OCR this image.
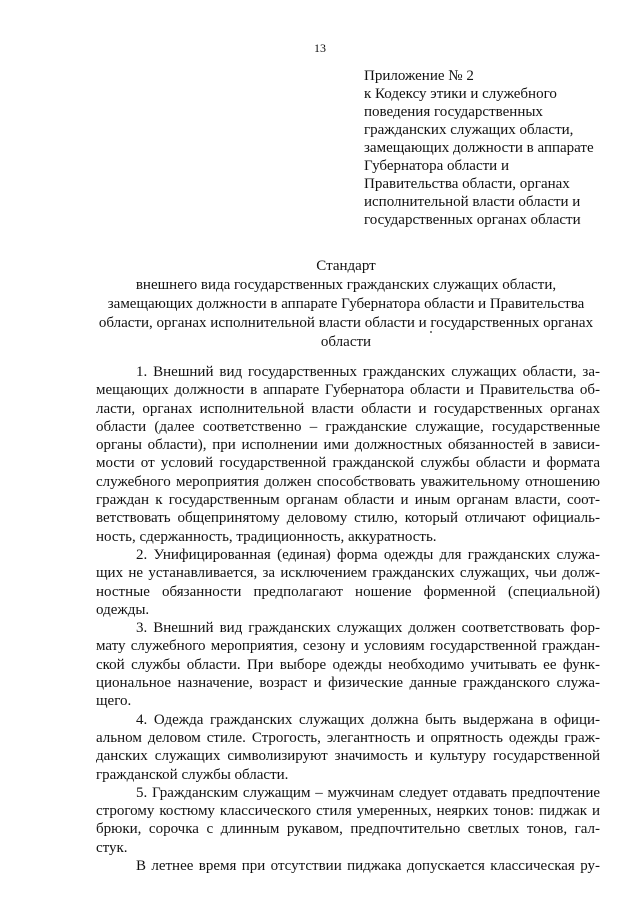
13
Приложение № 2
к Кодексу этики и служебного
поведения государственных
гражданских служащих области,
замещающих должности в аппарате
Губернатора области и
Правительства области, органах
исполнительной власти области и
государственных органах области
Стандарт
внешнего вида государственных гражданских служащих области,
замещающих должности в аппарате Губернатора области и Правительства
области, органах исполнительной власти области и государственных органах
области
1. Внешний вид государственных гражданских служащих области, за-
мещающих должности в аппарате Губернатора области и Правительства об-
ласти, органах исполнительной власти области и государственных органах
области (далее соответственно – гражданские служащие, государственные
органы области), при исполнении ими должностных обязанностей в зависи-
мости от условий государственной гражданской службы области и формата
служебного мероприятия должен способствовать уважительному отношению
граждан к государственным органам области и иным органам власти, соот-
ветствовать общепринятому деловому стилю, который отличают официаль-
ность, сдержанность, традиционность, аккуратность.
2. Унифицированная (единая) форма одежды для гражданских служа-
щих не устанавливается, за исключением гражданских служащих, чьи долж-
ностные обязанности предполагают ношение форменной (специальной)
одежды.
3. Внешний вид гражданских служащих должен соответствовать фор-
мату служебного мероприятия, сезону и условиям государственной граждан-
ской службы области. При выборе одежды необходимо учитывать ее функ-
циональное назначение, возраст и физические данные гражданского служа-
щего.
4. Одежда гражданских служащих должна быть выдержана в офици-
альном деловом стиле. Строгость, элегантность и опрятность одежды граж-
данских служащих символизируют значимость и культуру государственной
гражданской службы области.
5. Гражданским служащим – мужчинам следует отдавать предпочтение
строгому костюму классического стиля умеренных, неярких тонов: пиджак и
брюки, сорочка с длинным рукавом, предпочтительно светлых тонов, гал-
стук.
В летнее время при отсутствии пиджака допускается классическая ру-
